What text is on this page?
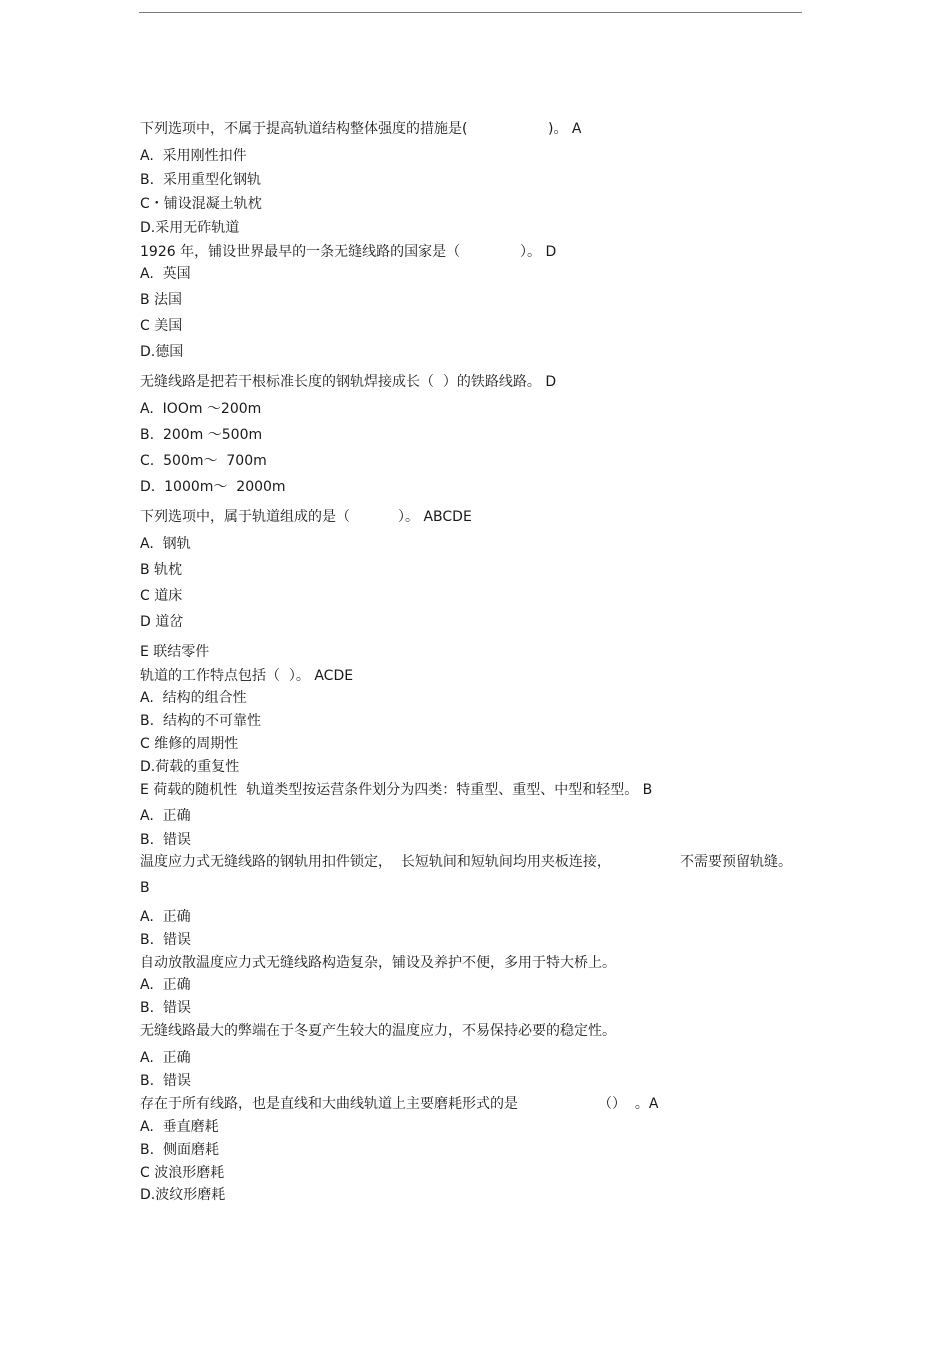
下列选项中，不属于提高轨道结构整体强度的措施是(	)。 A
A.  采用刚性扣件
B.  采用重型化钢轨
C・铺设混凝土轨枕
D.采用无砟轨道
1926 年，铺设世界最早的一条无缝线路的国家是（	）。 D
A.  英国
B 法国
C 美国
D.德国
无缝线路是把若干根标准长度的钢轨焊接成长（  ）的铁路线路。 D
A.  IOOm ～200m
B.  200m ～500m
C.  500m～  700m
D.  1000m～  2000m
下列选项中，属于轨道组成的是（	）。 ABCDE
A.  钢轨
B 轨枕
C 道床
D 道岔
E 联结零件
轨道的工作特点包括（  ）。 ACDE
A.  结构的组合性
B.  结构的不可靠性
C 维修的周期性
D.荷载的重复性
E 荷载的随机性  轨道类型按运营条件划分为四类：特重型、重型、中型和轻型。 B
A.  正确
B.  错误
温度应力式无缝线路的钢轨用扣件锁定，  长短轨间和短轨间均用夹板连接，	不需要预留轨缝。
B
A.  正确
B.  错误
自动放散温度应力式无缝线路构造复杂，铺设及养护不便，多用于特大桥上。
A.  正确
B.  错误
无缝线路最大的弊端在于冬夏产生较大的温度应力，不易保持必要的稳定性。
A.  正确
B.  错误
存在于所有线路，也是直线和大曲线轨道上主要磨耗形式的是	（）  。A
A.  垂直磨耗
B.  侧面磨耗
C 波浪形磨耗
D.波纹形磨耗
